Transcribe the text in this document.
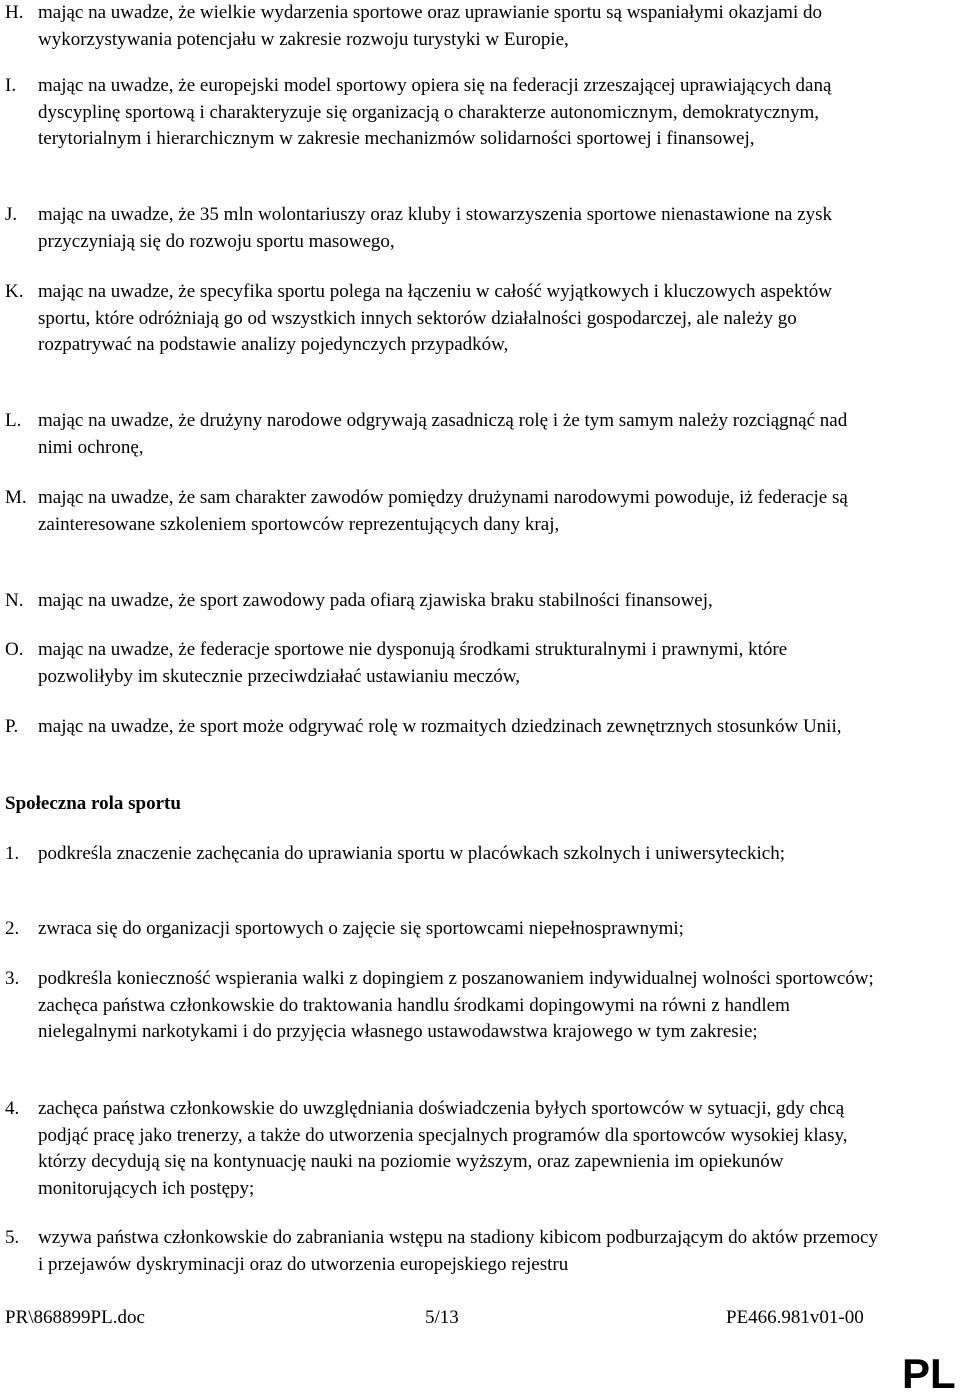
H. mając na uwadze, że wielkie wydarzenia sportowe oraz uprawianie sportu są wspaniałymi okazjami do wykorzystywania potencjału w zakresie rozwoju turystyki w Europie,
I. mając na uwadze, że europejski model sportowy opiera się na federacji zrzeszającej uprawiających daną dyscyplinę sportową i charakteryzuje się organizacją o charakterze autonomicznym, demokratycznym, terytorialnym i hierarchicznym w zakresie mechanizmów solidarności sportowej i finansowej,
J. mając na uwadze, że 35 mln wolontariuszy oraz kluby i stowarzyszenia sportowe nienastawione na zysk przyczyniają się do rozwoju sportu masowego,
K. mając na uwadze, że specyfika sportu polega na łączeniu w całość wyjątkowych i kluczowych aspektów sportu, które odróżniają go od wszystkich innych sektorów działalności gospodarczej, ale należy go rozpatrywać na podstawie analizy pojedynczych przypadków,
L. mając na uwadze, że drużyny narodowe odgrywają zasadniczą rolę i że tym samym należy rozciągnąć nad nimi ochronę,
M. mając na uwadze, że sam charakter zawodów pomiędzy drużynami narodowymi powoduje, iż federacje są zainteresowane szkoleniem sportowców reprezentujących dany kraj,
N. mając na uwadze, że sport zawodowy pada ofiarą zjawiska braku stabilności finansowej,
O. mając na uwadze, że federacje sportowe nie dysponują środkami strukturalnymi i prawnymi, które pozwoliłyby im skutecznie przeciwdziałać ustawianiu meczów,
P. mając na uwadze, że sport może odgrywać rolę w rozmaitych dziedzinach zewnętrznych stosunków Unii,
Społeczna rola sportu
1. podkreśla znaczenie zachęcania do uprawiania sportu w placówkach szkolnych i uniwersyteckich;
2. zwraca się do organizacji sportowych o zajęcie się sportowcami niepełnosprawnymi;
3. podkreśla konieczność wspierania walki z dopingiem z poszanowaniem indywidualnej wolności sportowców; zachęca państwa członkowskie do traktowania handlu środkami dopingowymi na równi z handlem nielegalnymi narkotykami i do przyjęcia własnego ustawodawstwa krajowego w tym zakresie;
4. zachęca państwa członkowskie do uwzględniania doświadczenia byłych sportowców w sytuacji, gdy chcą podjąć pracę jako trenerzy, a także do utworzenia specjalnych programów dla sportowców wysokiej klasy, którzy decydują się na kontynuację nauki na poziomie wyższym, oraz zapewnienia im opiekunów monitorujących ich postępy;
5. wzywa państwa członkowskie do zabraniania wstępu na stadiony kibicom podburzającym do aktów przemocy i przejawów dyskryminacji oraz do utworzenia europejskiego rejestru
PR\868899PL.doc	5/13	PE466.981v01-00
PL
